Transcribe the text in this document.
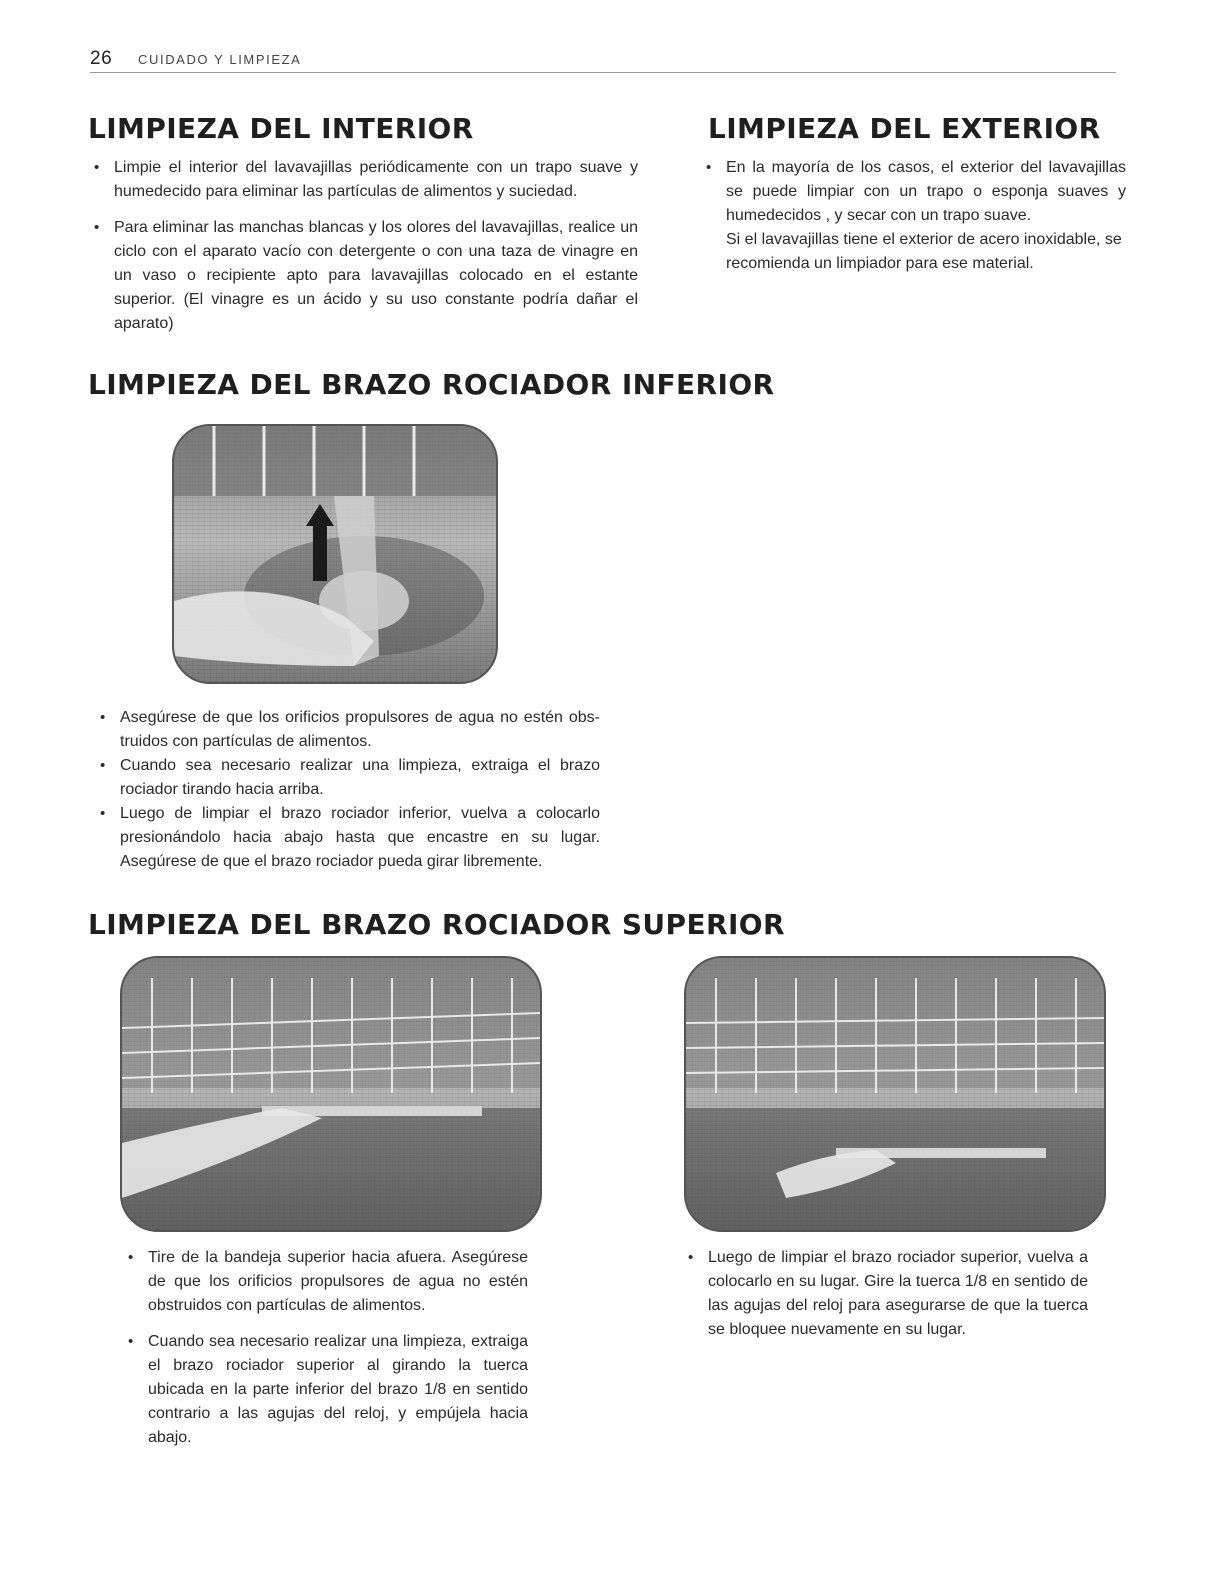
26 CUIDADO Y LIMPIEZA
LIMPIEZA DEL INTERIOR
• Limpie el interior del lavavajillas periódicamente con un trapo suave y humedecido para eliminar las partículas de alimentos y suciedad.
• Para eliminar las manchas blancas y los olores del lavavajillas, realice un ciclo con el aparato vacío con detergente o con una taza de vinagre en un vaso o recipiente apto para lavavajillas colocado en el estante superior. (El vinagre es un ácido y su uso constante podría dañar el aparato)
LIMPIEZA DEL EXTERIOR
• En la mayoría de los casos, el exterior del lavavajillas se puede limpiar con un trapo o esponja suaves y humedecidos , y secar con un trapo suave.

Si el lavavajillas tiene el exterior de acero inoxidable, se recomienda un limpiador para ese material.

LIMPIEZA DEL BRAZO ROCIADOR INFERIOR
• Asegúrese de que los orificios propulsores de agua no estén obs-truidos con partículas de alimentos.
• Cuando sea necesario realizar una limpieza, extraiga el brazo rociador tirando hacia arriba.
• Luego de limpiar el brazo rociador inferior, vuelva a colocarlo presionándolo hacia abajo hasta que encastre en su lugar. Asegúrese de que el brazo rociador pueda girar libremente.
LIMPIEZA DEL BRAZO ROCIADOR SUPERIOR
• Tire de la bandeja superior hacia afuera. Asegúrese de que los orificios propulsores de agua no estén obstruidos con partículas de alimentos.
• Cuando sea necesario realizar una limpieza, extraiga el brazo rociador superior al girando la tuerca ubicada en la parte inferior del brazo 1/8 en sentido contrario a las agujas del reloj, y empújela hacia abajo.
• Luego de limpiar el brazo rociador superior, vuelva a colocarlo en su lugar. Gire la tuerca 1/8 en sentido de las agujas del reloj para asegurarse de que la tuerca se bloquee nuevamente en su lugar.
